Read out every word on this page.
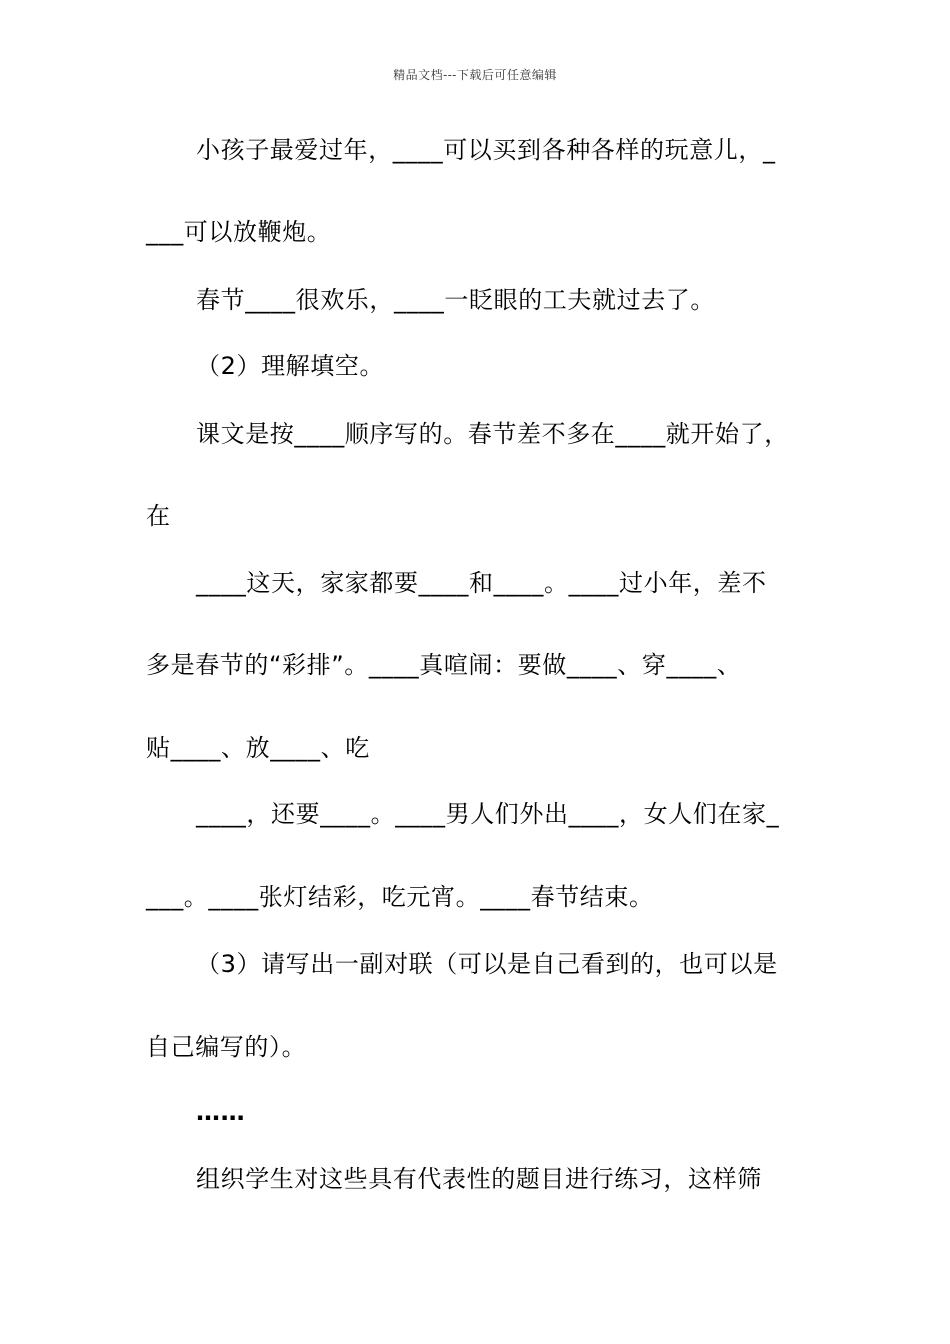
精品文档---下载后可任意编辑
小孩子最爱过年，____可以买到各种各样的玩意儿，_
___可以放鞭炮。
春节____很欢乐，____一眨眼的工夫就过去了。
（2）理解填空。
课文是按____顺序写的。春节差不多在____就开始了，
在
____这天，家家都要____和____。____过小年，差不
多是春节的“彩排”。____真喧闹：要做____、穿____、
贴____、放____、吃
____，还要____。____男人们外出____，女人们在家_
___。____张灯结彩，吃元宵。____春节结束。
（3）请写出一副对联（可以是自己看到的，也可以是
自己编写的）。
……
组织学生对这些具有代表性的题目进行练习，这样筛
